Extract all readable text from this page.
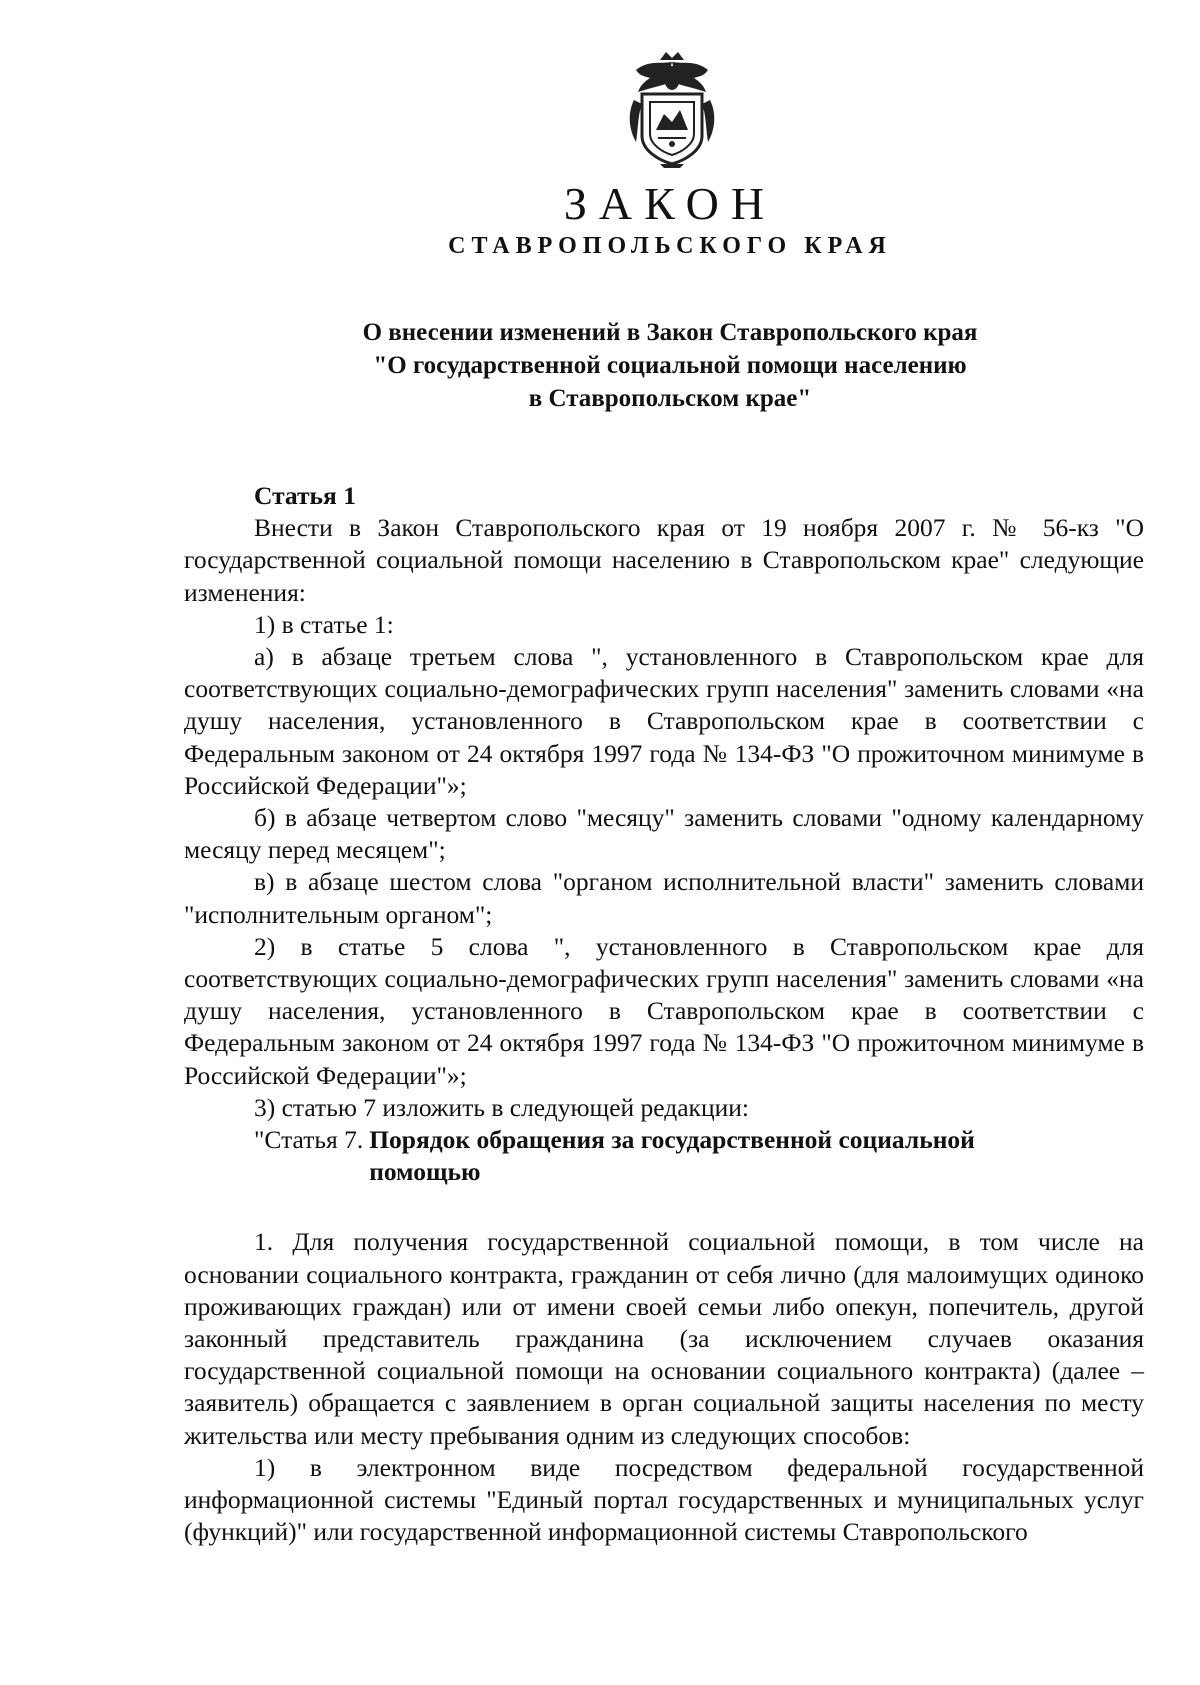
ЗАКОН
СТАВРОПОЛЬСКОГО КРАЯ
О внесении изменений в Закон Ставропольского края
"О государственной социальной помощи населению
в Ставропольском крае"
Статья 1

Внести в Закон Ставропольского края от 19 ноября 2007 г. № 56-кз "О государственной социальной помощи населению в Ставропольском крае" следующие изменения:

1) в статье 1:

а) в абзаце третьем слова ", установленного в Ставропольском крае для соответствующих социально-демографических групп населения" заменить словами «на душу населения, установленного в Ставропольском крае в соответствии с Федеральным законом от 24 октября 1997 года № 134-ФЗ "О прожиточном минимуме в Российской Федерации"»;

б) в абзаце четвертом слово "месяцу" заменить словами "одному календарному месяцу перед месяцем";

в) в абзаце шестом слова "органом исполнительной власти" заменить словами "исполнительным органом";

2) в статье 5 слова ", установленного в Ставропольском крае для соответствующих социально-демографических групп населения" заменить словами «на душу населения, установленного в Ставропольском крае в соответствии с Федеральным законом от 24 октября 1997 года № 134-ФЗ "О прожиточном минимуме в Российской Федерации"»;

3) статью 7 изложить в следующей редакции:

"Статья 7. Порядок обращения за государственной социальной помощью

1. Для получения государственной социальной помощи, в том числе на основании социального контракта, гражданин от себя лично (для малоимущих одиноко проживающих граждан) или от имени своей семьи либо опекун, попечитель, другой законный представитель гражданина (за исключением случаев оказания государственной социальной помощи на основании социального контракта) (далее – заявитель) обращается с заявлением в орган социальной защиты населения по месту жительства или месту пребывания одним из следующих способов:

1) в электронном виде посредством федеральной государственной информационной системы "Единый портал государственных и муниципальных услуг (функций)" или государственной информационной системы Ставропольского
